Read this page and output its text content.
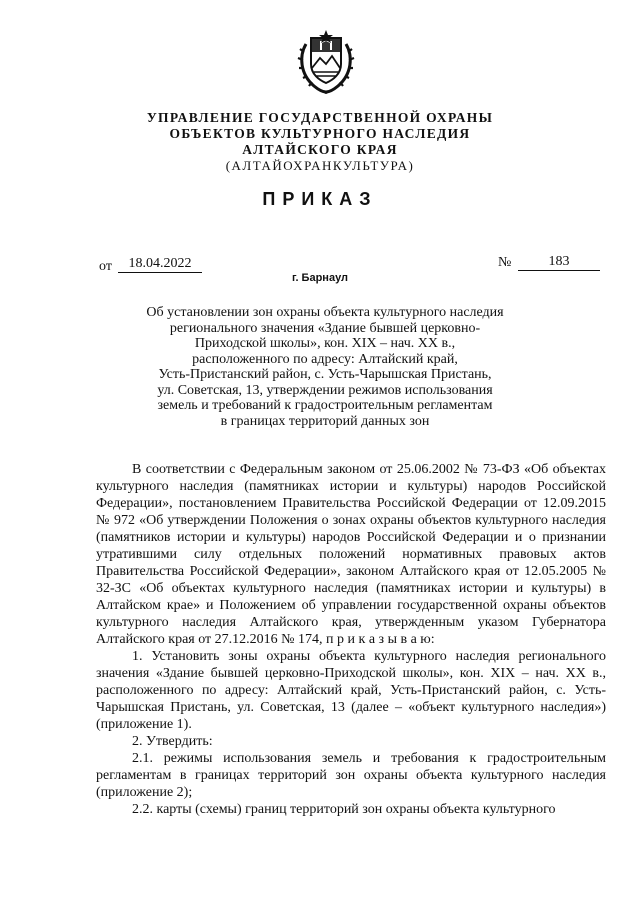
УПРАВЛЕНИЕ ГОСУДАРСТВЕННОЙ ОХРАНЫ
ОБЪЕКТОВ КУЛЬТУРНОГО НАСЛЕДИЯ
АЛТАЙСКОГО КРАЯ
(АЛТАЙОХРАНКУЛЬТУРА)
ПРИКАЗ
от	18.04.2022	№	183
г. Барнаул
Об установлении зон охраны объекта культурного наследия
регионального значения «Здание бывшей церковно-
Приходской школы», кон. XIX – нач. XX в.,
расположенного по адресу: Алтайский край,
Усть-Пристанский район, с. Усть-Чарышская Пристань,
ул. Советская, 13, утверждении режимов использования
земель и требований к градостроительным регламентам
в границах территорий данных зон

В соответствии с Федеральным законом от 25.06.2002 № 73-ФЗ «Об объектах культурного наследия (памятниках истории и культуры) народов Российской Федерации», постановлением Правительства Российской Федерации от 12.09.2015 № 972 «Об утверждении Положения о зонах охраны объектов культурного наследия (памятников истории и культуры) народов Российской Федерации и о признании утратившими силу отдельных положений нормативных правовых актов Правительства Российской Федерации», законом Алтайского края от 12.05.2005 № 32-ЗС «Об объектах культурного наследия (памятниках истории и культуры) в Алтайском крае» и Положением об управлении государственной охраны объектов культурного наследия Алтайского края, утвержденным указом Губернатора Алтайского края от 27.12.2016 № 174, п р и к а з ы в а ю:

1. Установить зоны охраны объекта культурного наследия регионального значения «Здание бывшей церковно-Приходской школы», кон. XIX – нач. XX в., расположенного по адресу: Алтайский край, Усть-Пристанский район, с. Усть-Чарышская Пристань, ул. Советская, 13 (далее – «объект культурного наследия») (приложение 1).

2. Утвердить:

2.1. режимы использования земель и требования к градостроительным регламентам в границах территорий зон охраны объекта культурного наследия (приложение 2);

2.2. карты (схемы) границ территорий зон охраны объекта культурного
